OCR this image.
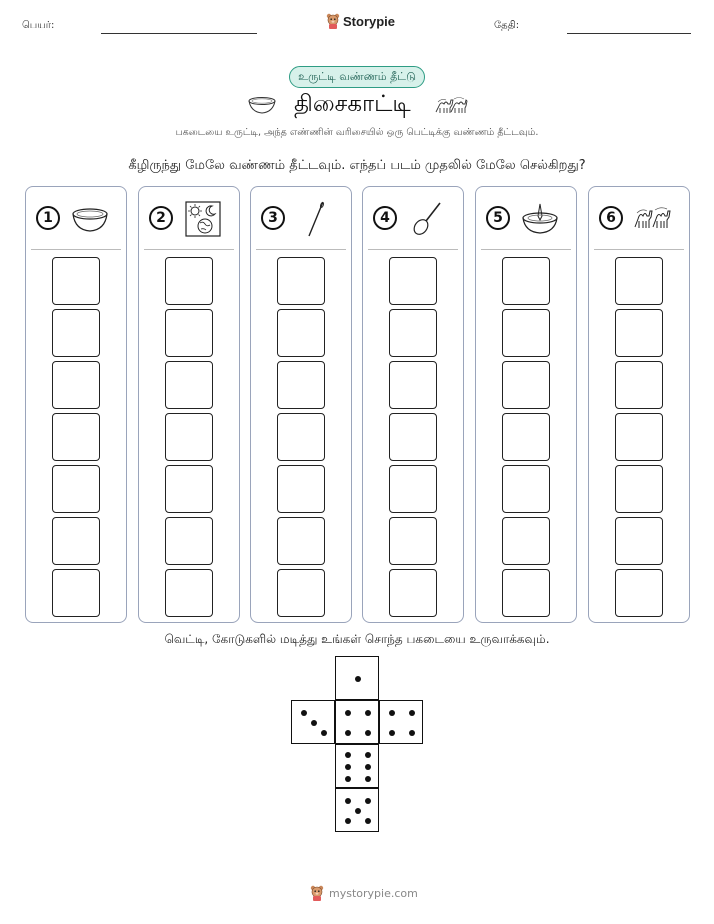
பெயர்:	Storypie	தேதி:
உருட்டி வண்ணம் தீட்டு
திசைகாட்டி
பகடையை உருட்டி, அந்த எண்ணின் வரிசையில் ஒரு பெட்டிக்கு வண்ணம் தீட்டவும்.
கீழிருந்து மேலே வண்ணம் தீட்டவும். எந்தப் படம் முதலில் மேலே செல்கிறது?
1	2	3	4	5	6
வெட்டி, கோடுகளில் மடித்து உங்கள் சொந்த பகடையை உருவாக்கவும்.
mystorypie.com
